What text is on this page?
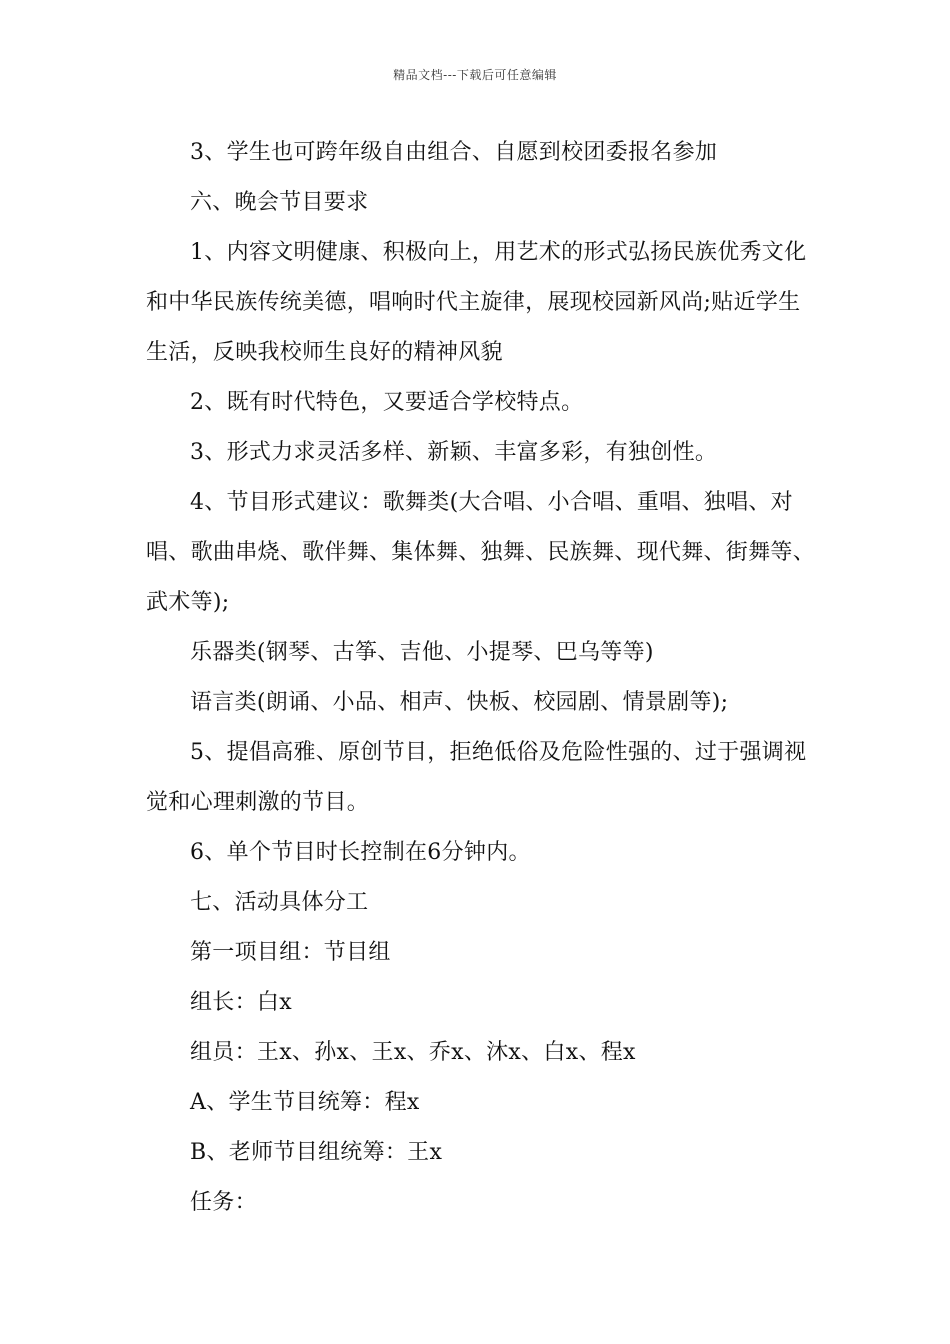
精品文档---下载后可任意编辑
3、学生也可跨年级自由组合、自愿到校团委报名参加
六、晚会节目要求
1、内容文明健康、积极向上，用艺术的形式弘扬民族优秀文化
和中华民族传统美德，唱响时代主旋律，展现校园新风尚;贴近学生
生活，反映我校师生良好的精神风貌
2、既有时代特色，又要适合学校特点。
3、形式力求灵活多样、新颖、丰富多彩，有独创性。
4、节目形式建议：歌舞类(大合唱、小合唱、重唱、独唱、对
唱、歌曲串烧、歌伴舞、集体舞、独舞、民族舞、现代舞、街舞等、
武术等);
乐器类(钢琴、古筝、吉他、小提琴、巴乌等等)
语言类(朗诵、小品、相声、快板、校园剧、情景剧等);
5、提倡高雅、原创节目，拒绝低俗及危险性强的、过于强调视
觉和心理刺激的节目。
6、单个节目时长控制在6分钟内。
七、活动具体分工
第一项目组：节目组
组长：白x
组员：王x、孙x、王x、乔x、沐x、白x、程x
A、学生节目统筹：程x
B、老师节目组统筹：王x
任务：
